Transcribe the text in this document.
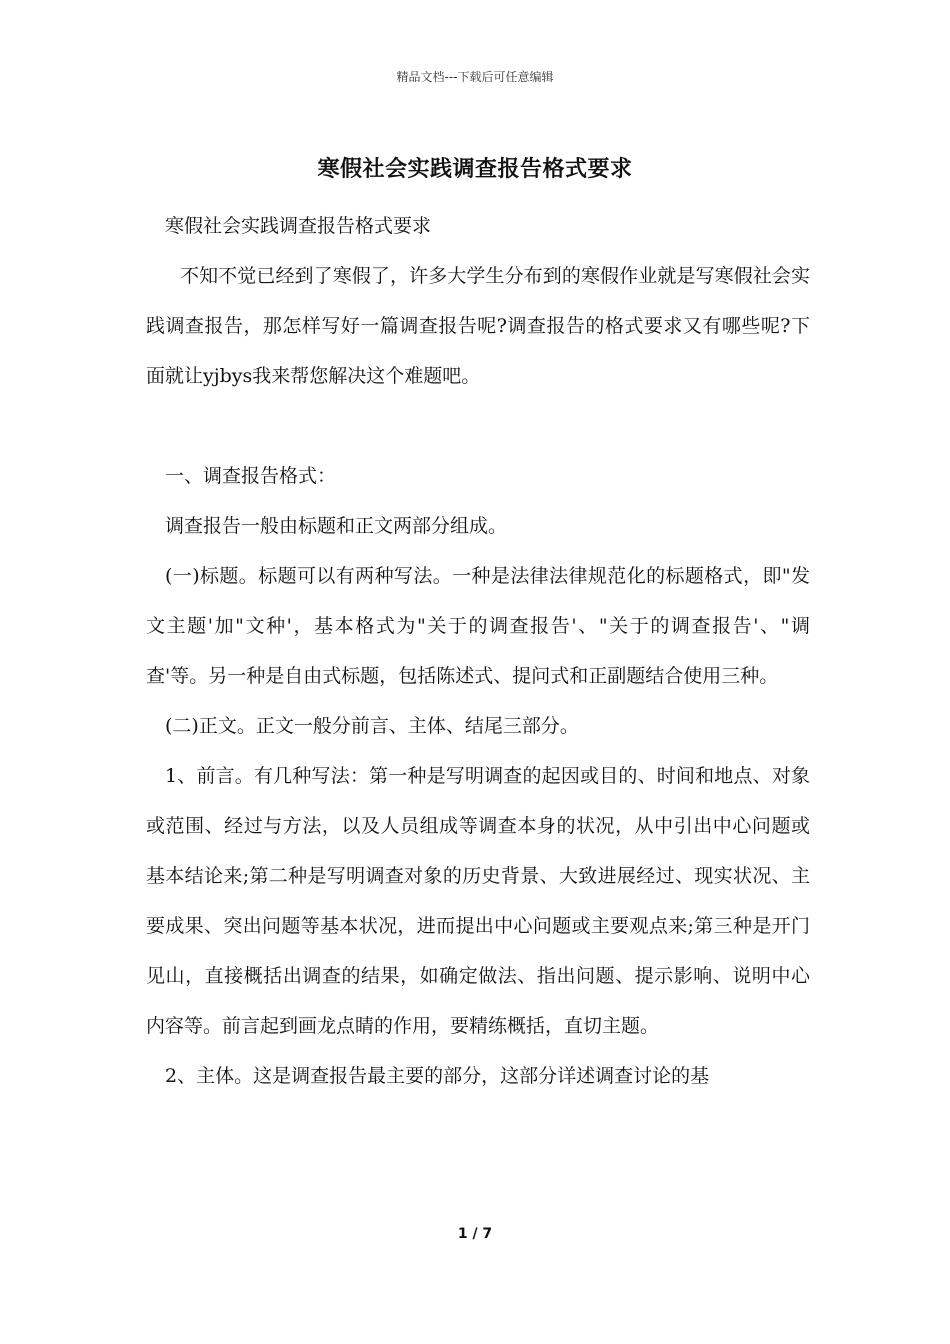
精品文档---下载后可任意编辑
寒假社会实践调查报告格式要求

寒假社会实践调查报告格式要求

不知不觉已经到了寒假了，许多大学生分布到的寒假作业就是写寒假社会实践调查报告，那怎样写好一篇调查报告呢?调查报告的格式要求又有哪些呢?下面就让yjbys我来帮您解决这个难题吧。

一、调查报告格式：

调查报告一般由标题和正文两部分组成。

(一)标题。标题可以有两种写法。一种是法律法律规范化的标题格式，即"发文主题'加"文种'，基本格式为"关于的调查报告'、"关于的调查报告'、"调查'等。另一种是自由式标题，包括陈述式、提问式和正副题结合使用三种。

(二)正文。正文一般分前言、主体、结尾三部分。

1、前言。有几种写法：第一种是写明调查的起因或目的、时间和地点、对象或范围、经过与方法，以及人员组成等调查本身的状况，从中引出中心问题或基本结论来;第二种是写明调查对象的历史背景、大致进展经过、现实状况、主要成果、突出问题等基本状况，进而提出中心问题或主要观点来;第三种是开门见山，直接概括出调查的结果，如确定做法、指出问题、提示影响、说明中心内容等。前言起到画龙点睛的作用，要精练概括，直切主题。

2、主体。这是调查报告最主要的部分，这部分详述调查讨论的基

1 / 7
